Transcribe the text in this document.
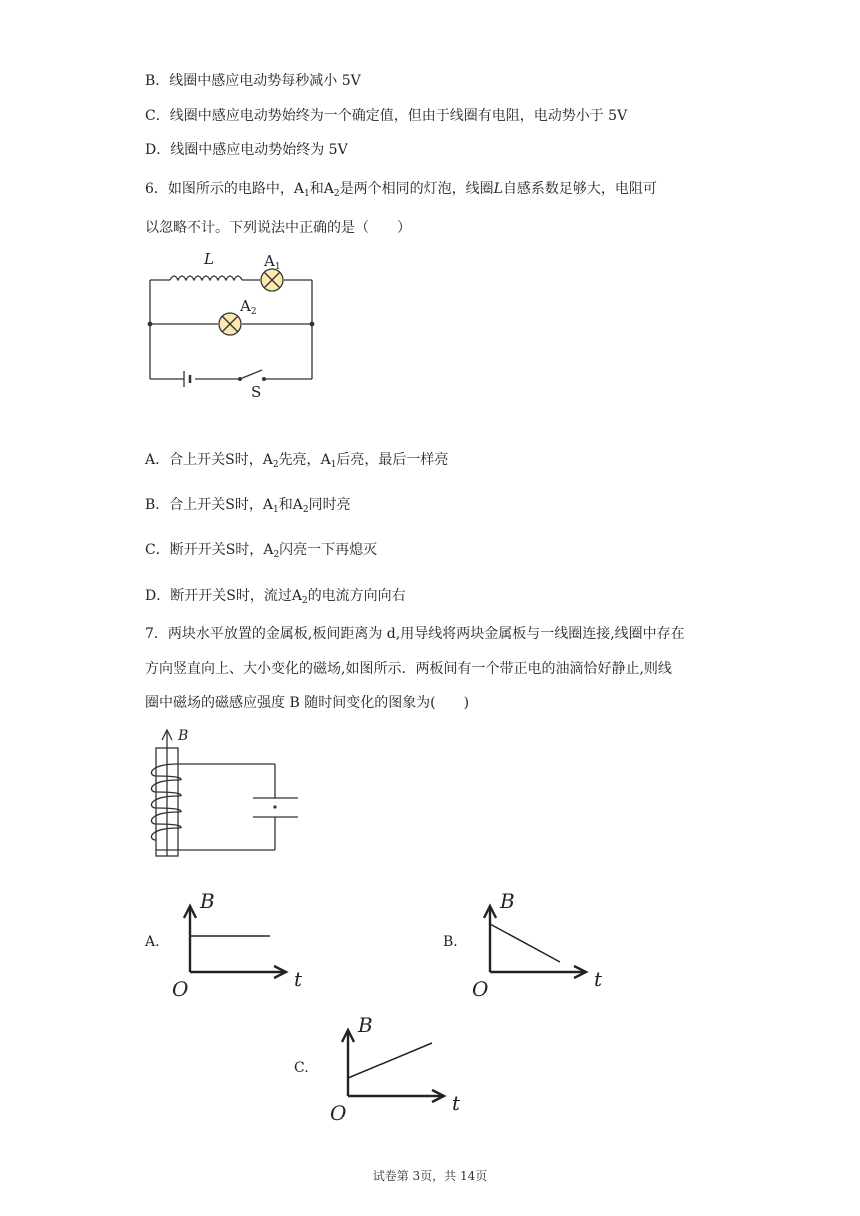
B．线圈中感应电动势每秒减小 5V
C．线圈中感应电动势始终为一个确定值，但由于线圈有电阻，电动势小于 5V
D．线圈中感应电动势始终为 5V
6．如图所示的电路中，$A_1$和$A_2$是两个相同的灯泡，线圈L自感系数足够大，电阻可
以忽略不计。下列说法中正确的是（　　）
L	$A_1$
$A_2$
S
A．合上开关S时，$A_2$先亮，$A_1$后亮，最后一样亮
B．合上开关S时，$A_1$和$A_2$同时亮
C．断开开关S时，$A_2$闪亮一下再熄灭
D．断开开关S时，流过$A_2$的电流方向向右
7．两块水平放置的金属板,板间距离为 d,用导线将两块金属板与一线圈连接,线圈中存在
方向竖直向上、大小变化的磁场,如图所示．两板间有一个带正电的油滴恰好静止,则线
圈中磁场的磁感应强度 B 随时间变化的图象为(　　)
B
A.
B
t
O
B.
B
t
O
C.
B
t
O
试卷第 3页，共 14页
